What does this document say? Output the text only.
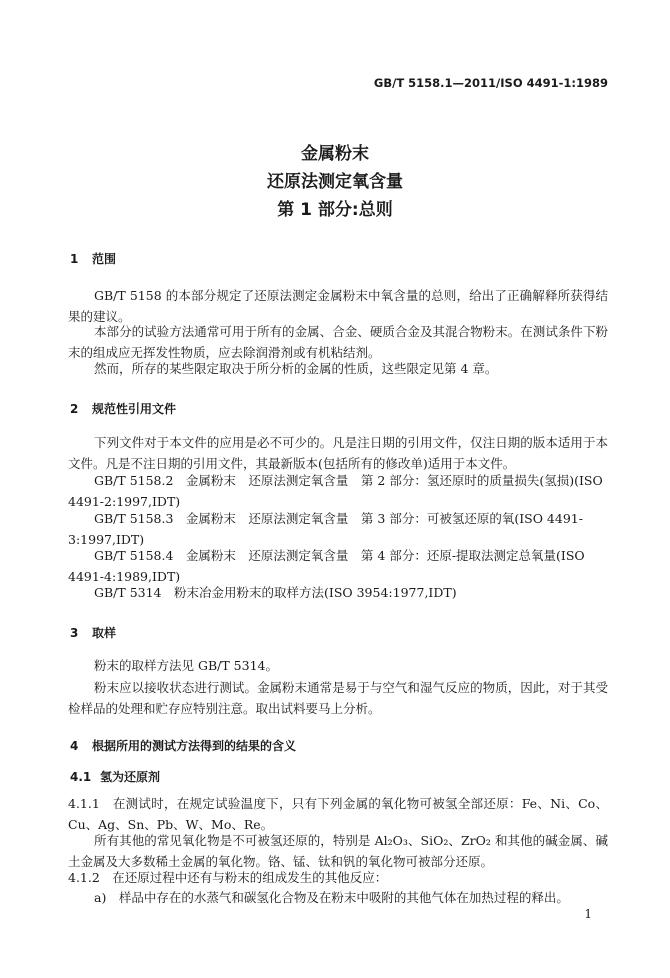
GB/T 5158.1—2011/ISO 4491-1:1989
金属粉末
还原法测定氧含量
第 1 部分:总则
1 范围
GB/T 5158 的本部分规定了还原法测定金属粉末中氧含量的总则，给出了正确解释所获得结果的建议。
本部分的试验方法通常可用于所有的金属、合金、硬质合金及其混合物粉末。在测试条件下粉末的组成应无挥发性物质，应去除润滑剂或有机粘结剂。
然而，所存的某些限定取决于所分析的金属的性质，这些限定见第 4 章。
2 规范性引用文件
下列文件对于本文件的应用是必不可少的。凡是注日期的引用文件，仅注日期的版本适用于本文件。凡是不注日期的引用文件，其最新版本(包括所有的修改单)适用于本文件。
GB/T 5158.2　金属粉末　还原法测定氧含量　第 2 部分：氢还原时的质量损失(氢损)(ISO 4491-2:1997,IDT)
GB/T 5158.3　金属粉末　还原法测定氧含量　第 3 部分：可被氢还原的氧(ISO 4491-3:1997,IDT)
GB/T 5158.4　金属粉末　还原法测定氧含量　第 4 部分：还原-提取法测定总氧量(ISO 4491-4:1989,IDT)
GB/T 5314　粉末冶金用粉末的取样方法(ISO 3954:1977,IDT)
3 取样
粉末的取样方法见 GB/T 5314。
粉末应以接收状态进行测试。金属粉末通常是易于与空气和湿气反应的物质，因此，对于其受检样品的处理和贮存应特别注意。取出试料要马上分析。
4 根据所用的测试方法得到的结果的含义
4.1 氢为还原剂
4.1.1　在测试时，在规定试验温度下，只有下列金属的氧化物可被氢全部还原：Fe、Ni、Co、Cu、Ag、Sn、Pb、W、Mo、Re。
所有其他的常见氧化物是不可被氢还原的，特别是 Al₂O₃、SiO₂、ZrO₂ 和其他的碱金属、碱土金属及大多数稀土金属的氧化物。铬、锰、钛和钒的氧化物可被部分还原。
4.1.2　在还原过程中还有与粉末的组成发生的其他反应：
a)　样品中存在的水蒸气和碳氢化合物及在粉末中吸附的其他气体在加热过程的释出。
1
